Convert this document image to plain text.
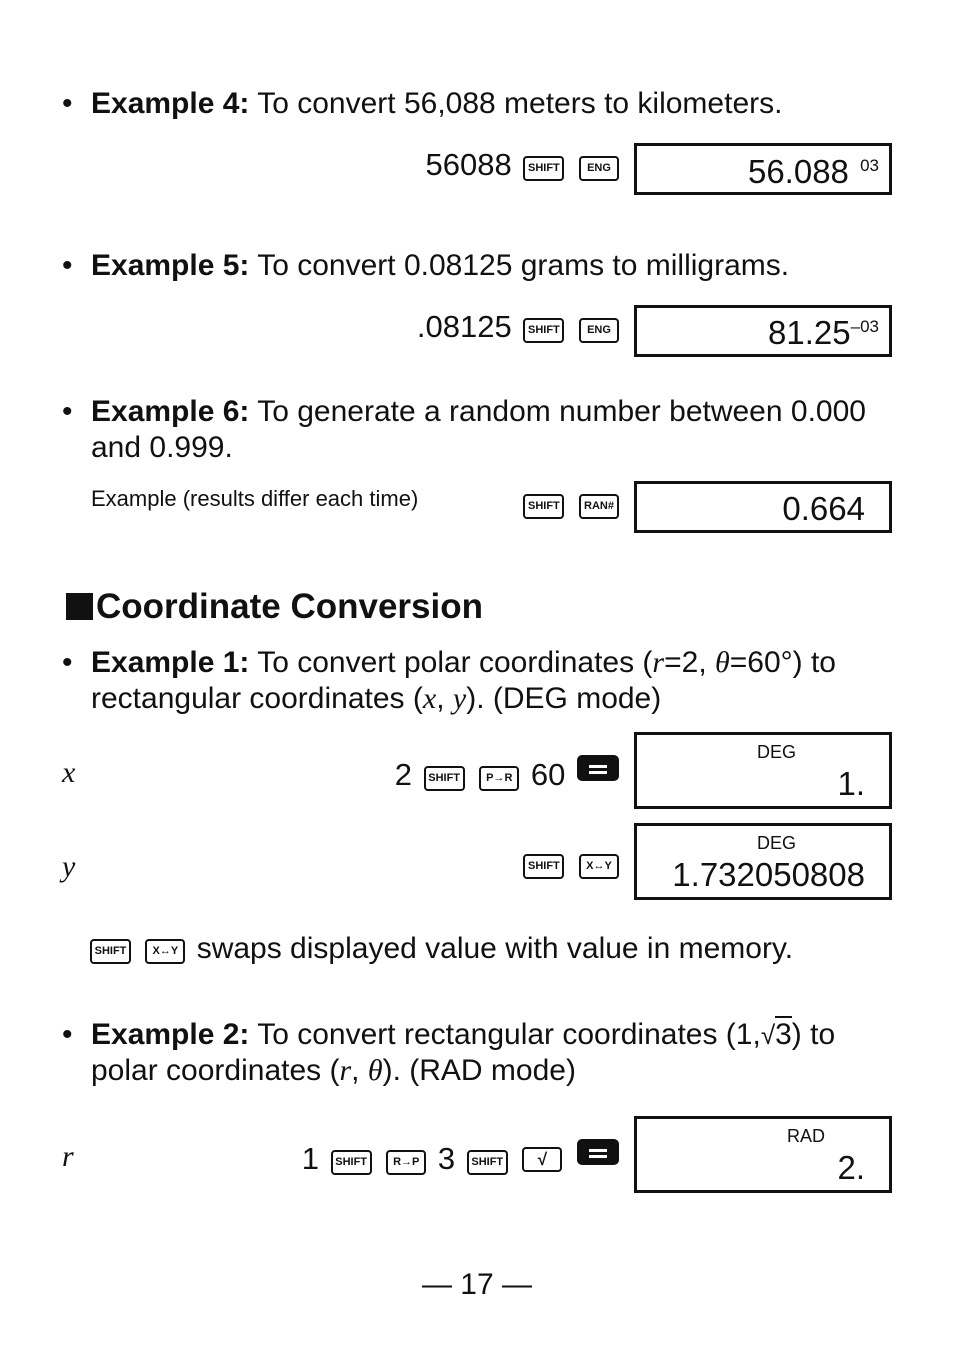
• Example 4: To convert 56,088 meters to kilometers.
56088 SHIFT ENG	56.088 $^{03}$
• Example 5: To convert 0.08125 grams to milligrams.
.08125 SHIFT ENG	$81.25^{-03}$
• Example 6: To generate a random number between 0.000
and 0.999.
Example (results differ each time)	SHIFT RAN#	0.664
Coordinate Conversion
• Example 1: To convert polar coordinates (r=2, θ=60°) to
rectangular coordinates (x, y). (DEG mode)
x	2 SHIFT P→R 60
DEG
1.
y	SHIFT X↔Y
DEG
1.732050808
SHIFT X↔Y swaps displayed value with value in memory.
• Example 2: To convert rectangular coordinates (1,√3) to
polar coordinates (r, θ). (RAD mode)
r	1 SHIFT R→P 3 SHIFT √
RAD
2.
— 17 —
